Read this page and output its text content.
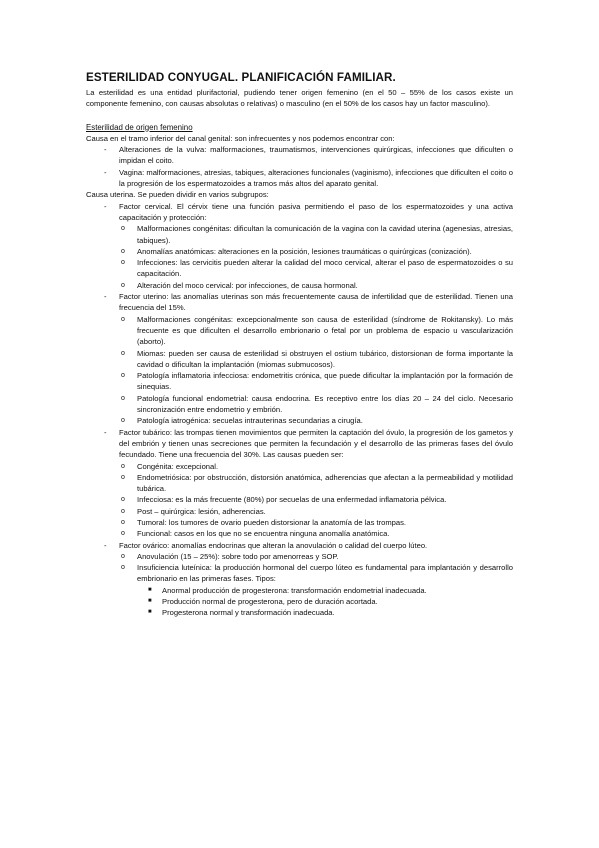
ESTERILIDAD CONYUGAL. PLANIFICACIÓN FAMILIAR.

La esterilidad es una entidad plurifactorial, pudiendo tener origen femenino (en el 50 – 55% de los casos existe un componente femenino, con causas absolutas o relativas) o masculino (en el 50% de los casos hay un factor masculino).

Esterilidad de origen femenino

Causa en el tramo inferior del canal genital: son infrecuentes y nos podemos encontrar con:

- Alteraciones de la vulva: malformaciones, traumatismos, intervenciones quirúrgicas, infecciones que dificulten o impidan el coito.
- Vagina: malformaciones, atresias, tabiques, alteraciones funcionales (vaginismo), infecciones que dificulten el coito o la progresión de los espermatozoides a tramos más altos del aparato genital.

Causa uterina. Se pueden dividir en varios subgrupos:

- Factor cervical. El cérvix tiene una función pasiva permitiendo el paso de los espermatozoides y una activa capacitación y protección:
o Malformaciones congénitas: dificultan la comunicación de la vagina con la cavidad uterina (agenesias, atresias, tabiques).
o Anomalías anatómicas: alteraciones en la posición, lesiones traumáticas o quirúrgicas (conización).
o Infecciones: las cervicitis pueden alterar la calidad del moco cervical, alterar el paso de espermatozoides o su capacitación.
o Alteración del moco cervical: por infecciones, de causa hormonal.
- Factor uterino: las anomalías uterinas son más frecuentemente causa de infertilidad que de esterilidad. Tienen una frecuencia del 15%.
o Malformaciones congénitas: excepcionalmente son causa de esterilidad (síndrome de Rokitansky). Lo más frecuente es que dificulten el desarrollo embrionario o fetal por un problema de espacio u vascularización (aborto).
o Miomas: pueden ser causa de esterilidad si obstruyen el ostium tubárico, distorsionan de forma importante la cavidad o dificultan la implantación (miomas submucosos).
o Patología inflamatoria infecciosa: endometritis crónica, que puede dificultar la implantación por la formación de sinequias.
o Patología funcional endometrial: causa endocrina. Es receptivo entre los días 20 – 24 del ciclo. Necesario sincronización entre endometrio y embrión.
o Patología iatrogénica: secuelas intrauterinas secundarias a cirugía.
- Factor tubárico: las trompas tienen movimientos que permiten la captación del óvulo, la progresión de los gametos y del embrión y tienen unas secreciones que permiten la fecundación y el desarrollo de las primeras fases del óvulo fecundado. Tiene una frecuencia del 30%. Las causas pueden ser:
o Congénita: excepcional.
o Endometriósica: por obstrucción, distorsión anatómica, adherencias que afectan a la permeabilidad y motilidad tubárica.
o Infecciosa: es la más frecuente (80%) por secuelas de una enfermedad inflamatoria pélvica.
o Post – quirúrgica: lesión, adherencias.
o Tumoral: los tumores de ovario pueden distorsionar la anatomía de las trompas.
o Funcional: casos en los que no se encuentra ninguna anomalía anatómica.
- Factor ovárico: anomalías endocrinas que alteran la anovulación o calidad del cuerpo lúteo.
o Anovulación (15 – 25%): sobre todo por amenorreas y SOP.
o Insuficiencia luteínica: la producción hormonal del cuerpo lúteo es fundamental para implantación y desarrollo embrionario en las primeras fases. Tipos:
■ Anormal producción de progesterona: transformación endometrial inadecuada.
■ Producción normal de progesterona, pero de duración acortada.
■ Progesterona normal y transformación inadecuada.
